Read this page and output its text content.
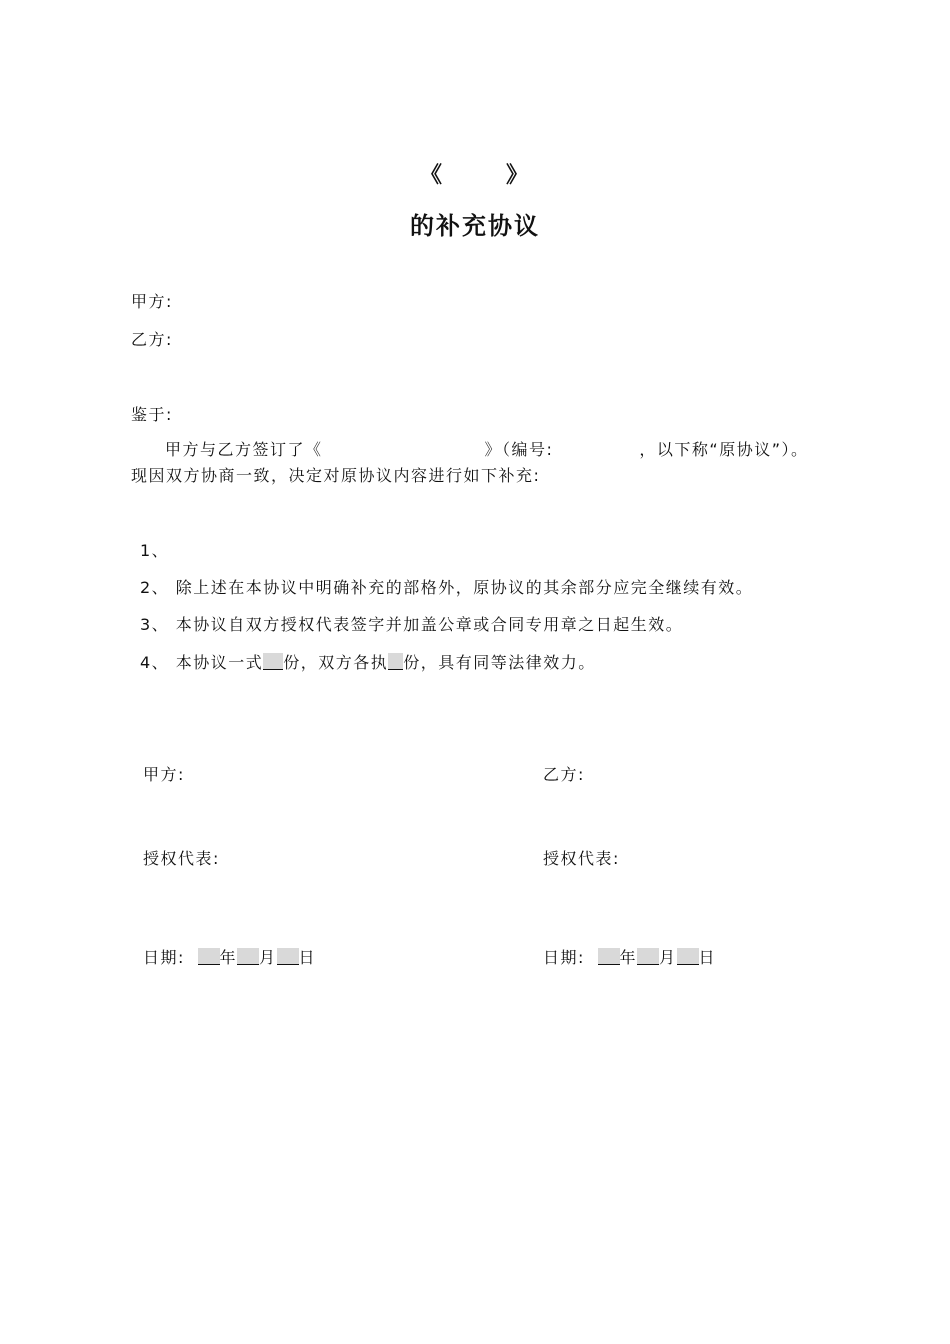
《	》
的补充协议
甲方:
乙方:
鉴于:
甲方与乙方签订了《	》（编号:	，以下称“原协议”）。
现因双方协商一致，决定对原协议内容进行如下补充:
1、
2、 除上述在本协议中明确补充的部格外，原协议的其余部分应完全继续有效。
3、 本协议自双方授权代表签字并加盖公章或合同专用章之日起生效。
4、 本协议一式 份，双方各执 份，具有同等法律效力。
甲方:
授权代表:
日期: 年 月 日
乙方:
授权代表:
日期: 年 月 日
